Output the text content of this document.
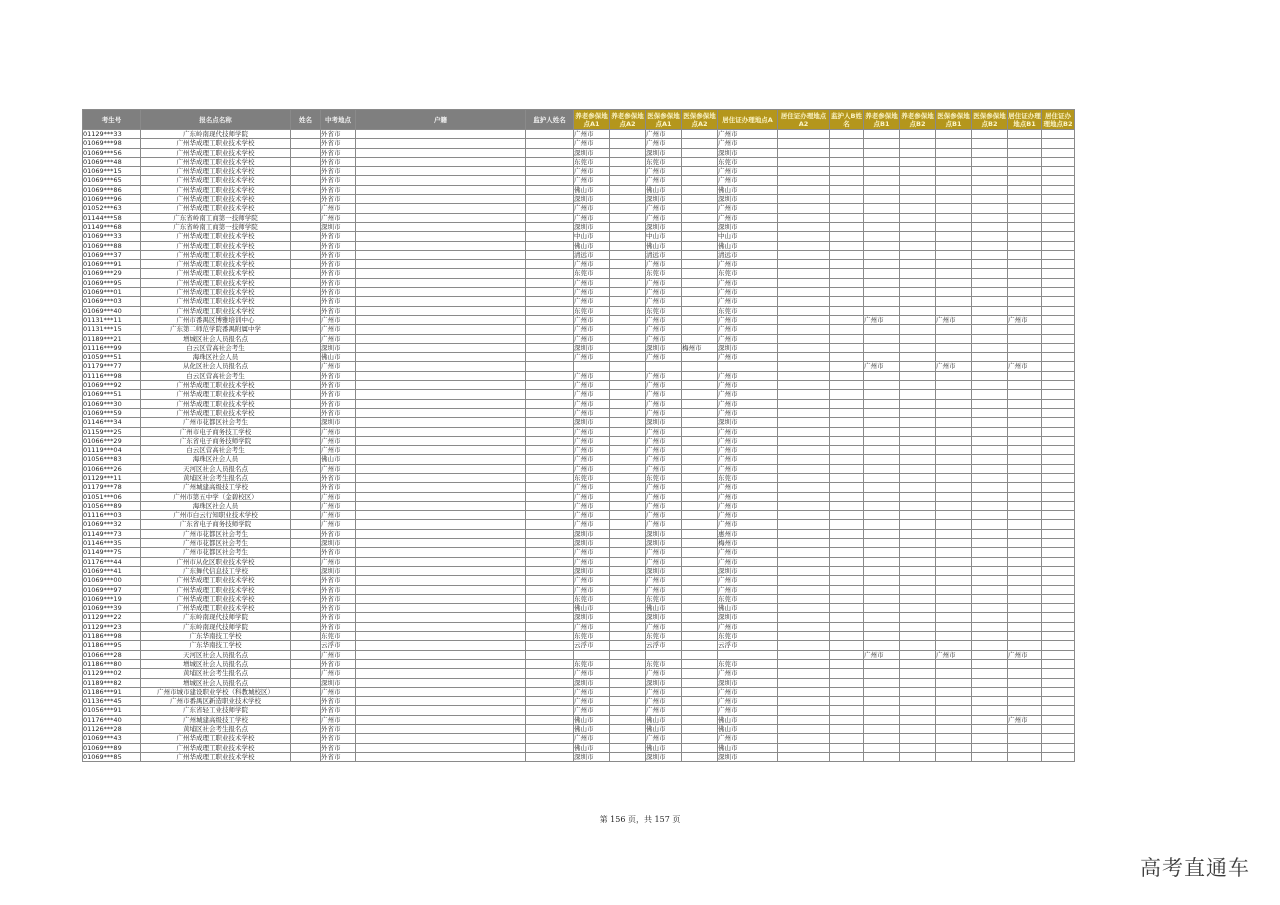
考生号	报名点名称	姓名	中考地点	户籍	监护人姓名	养老参保地点A1	养老参保地点A2	医保参保地点A1	医保参保地点A2	居住证办理地点A	居住证办理地点A2	监护人B姓名	养老参保地点B1	养老参保地点B2	医保参保地点B1	医保参保地点B2	居住证办理地点B1	居住证办理地点B2
01129***33	广东岭南现代技师学院		外省市			广州市		广州市		广州市								
01069***98	广州华成理工职业技术学校		外省市			广州市		广州市		广州市								
01069***56	广州华成理工职业技术学校		外省市			深圳市		深圳市		深圳市								
01069***48	广州华成理工职业技术学校		外省市			东莞市		东莞市		东莞市								
01069***15	广州华成理工职业技术学校		外省市			广州市		广州市		广州市								
01069***65	广州华成理工职业技术学校		外省市			广州市		广州市		广州市								
01069***86	广州华成理工职业技术学校		外省市			佛山市		佛山市		佛山市								
01069***96	广州华成理工职业技术学校		外省市			深圳市		深圳市		深圳市								
01052***63	广州华成理工职业技术学校		广州市			广州市		广州市		广州市								
01144***58	广东省岭南工商第一技师学院		广州市			广州市		广州市		广州市								
01149***68	广东省岭南工商第一技师学院		深圳市			深圳市		深圳市		深圳市								
01069***33	广州华成理工职业技术学校		外省市			中山市		中山市		中山市								
01069***88	广州华成理工职业技术学校		外省市			佛山市		佛山市		佛山市								
01069***37	广州华成理工职业技术学校		外省市			清远市		清远市		清远市								
01069***91	广州华成理工职业技术学校		外省市			广州市		广州市		广州市								
01069***29	广州华成理工职业技术学校		外省市			东莞市		东莞市		东莞市								
01069***95	广州华成理工职业技术学校		外省市			广州市		广州市		广州市								
01069***01	广州华成理工职业技术学校		外省市			广州市		广州市		广州市								
01069***03	广州华成理工职业技术学校		外省市			广州市		广州市		广州市								
01069***40	广州华成理工职业技术学校		外省市			东莞市		东莞市		东莞市								
01131***11	广州市番禺区博雅培训中心		广州市			广州市		广州市		广州市			广州市		广州市		广州市	
01131***15	广东第二师范学院番禺附属中学		广州市			广州市		广州市		广州市								
01189***21	增城区社会人员报名点		广州市			广州市		广州市		广州市								
01116***99	白云区营高社会考生		深圳市			深圳市		深圳市	梅州市	深圳市								
01059***51	海珠区社会人员		佛山市			广州市		广州市		广州市								
01179***77	从化区社会人员报名点		广州市										广州市		广州市		广州市	
01116***98	白云区营高社会考生		外省市			广州市		广州市		广州市								
01069***92	广州华成理工职业技术学校		外省市			广州市		广州市		广州市								
01069***51	广州华成理工职业技术学校		外省市			广州市		广州市		广州市								
01069***30	广州华成理工职业技术学校		外省市			广州市		广州市		广州市								
01069***59	广州华成理工职业技术学校		外省市			广州市		广州市		广州市								
01146***34	广州市花都区社会考生		深圳市			深圳市		深圳市		深圳市								
01159***25	广州市电子商务技工学校		广州市			广州市		广州市		广州市								
01066***29	广东省电子商务技师学院		广州市			广州市		广州市		广州市								
01119***04	白云区营高社会考生		广州市			广州市		广州市		广州市								
01056***83	海珠区社会人员		佛山市			广州市		广州市		广州市								
01066***26	天河区社会人员报名点		广州市			广州市		广州市		广州市								
01129***11	黄埔区社会考生报名点		外省市			东莞市		东莞市		东莞市								
01179***78	广州城建高级技工学校		外省市			广州市		广州市		广州市								
01051***06	广州市第五中学（金碧校区）		广州市			广州市		广州市		广州市								
01056***89	海珠区社会人员		广州市			广州市		广州市		广州市								
01116***03	广州市白云行知职业技术学校		广州市			广州市		广州市		广州市								
01069***32	广东省电子商务技师学院		广州市			广州市		广州市		广州市								
01149***73	广州市花都区社会考生		外省市			深圳市		深圳市		惠州市								
01146***35	广州市花都区社会考生		深圳市			深圳市		深圳市		梅州市								
01149***75	广州市花都区社会考生		外省市			广州市		广州市		广州市								
01176***44	广州市从化区职业技术学校		广州市			广州市		广州市		广州市								
01069***41	广东舞代信息技工学校		深圳市			深圳市		深圳市		深圳市								
01069***00	广州华成理工职业技术学校		外省市			广州市		广州市		广州市								
01069***97	广州华成理工职业技术学校		外省市			广州市		广州市		广州市								
01069***19	广州华成理工职业技术学校		外省市			东莞市		东莞市		东莞市								
01069***39	广州华成理工职业技术学校		外省市			佛山市		佛山市		佛山市								
01129***22	广东岭南现代技师学院		外省市			深圳市		深圳市		深圳市								
01129***23	广东岭南现代技师学院		外省市			广州市		广州市		广州市								
01186***98	广东华南技工学校		东莞市			东莞市		东莞市		东莞市								
01186***95	广东华南技工学校		云浮市			云浮市		云浮市		云浮市								
01066***28	天河区社会人员报名点		广州市										广州市		广州市		广州市	
01186***80	增城区社会人员报名点		外省市			东莞市		东莞市		东莞市								
01129***02	黄埔区社会考生报名点		广州市			广州市		广州市		广州市								
01189***82	增城区社会人员报名点		深圳市			深圳市		深圳市		深圳市								
01186***91	广州市城市建设职业学校（科教城校区）		广州市			广州市		广州市		广州市								
01136***45	广州市番禺区新造职业技术学校		外省市			广州市		广州市		广州市								
01056***91	广东省轻工业技师学院		外省市			广州市		广州市		广州市								
01176***40	广州城建高级技工学校		广州市			佛山市		佛山市		佛山市							广州市	
01126***28	黄埔区社会考生报名点		外省市			佛山市		佛山市		佛山市								
01069***43	广州华成理工职业技术学校		外省市			广州市		广州市		广州市								
01069***89	广州华成理工职业技术学校		外省市			佛山市		佛山市		佛山市								
01069***85	广州华成理工职业技术学校		外省市			深圳市		深圳市		深圳市								
第 156 页，共 157 页
高考直通车
